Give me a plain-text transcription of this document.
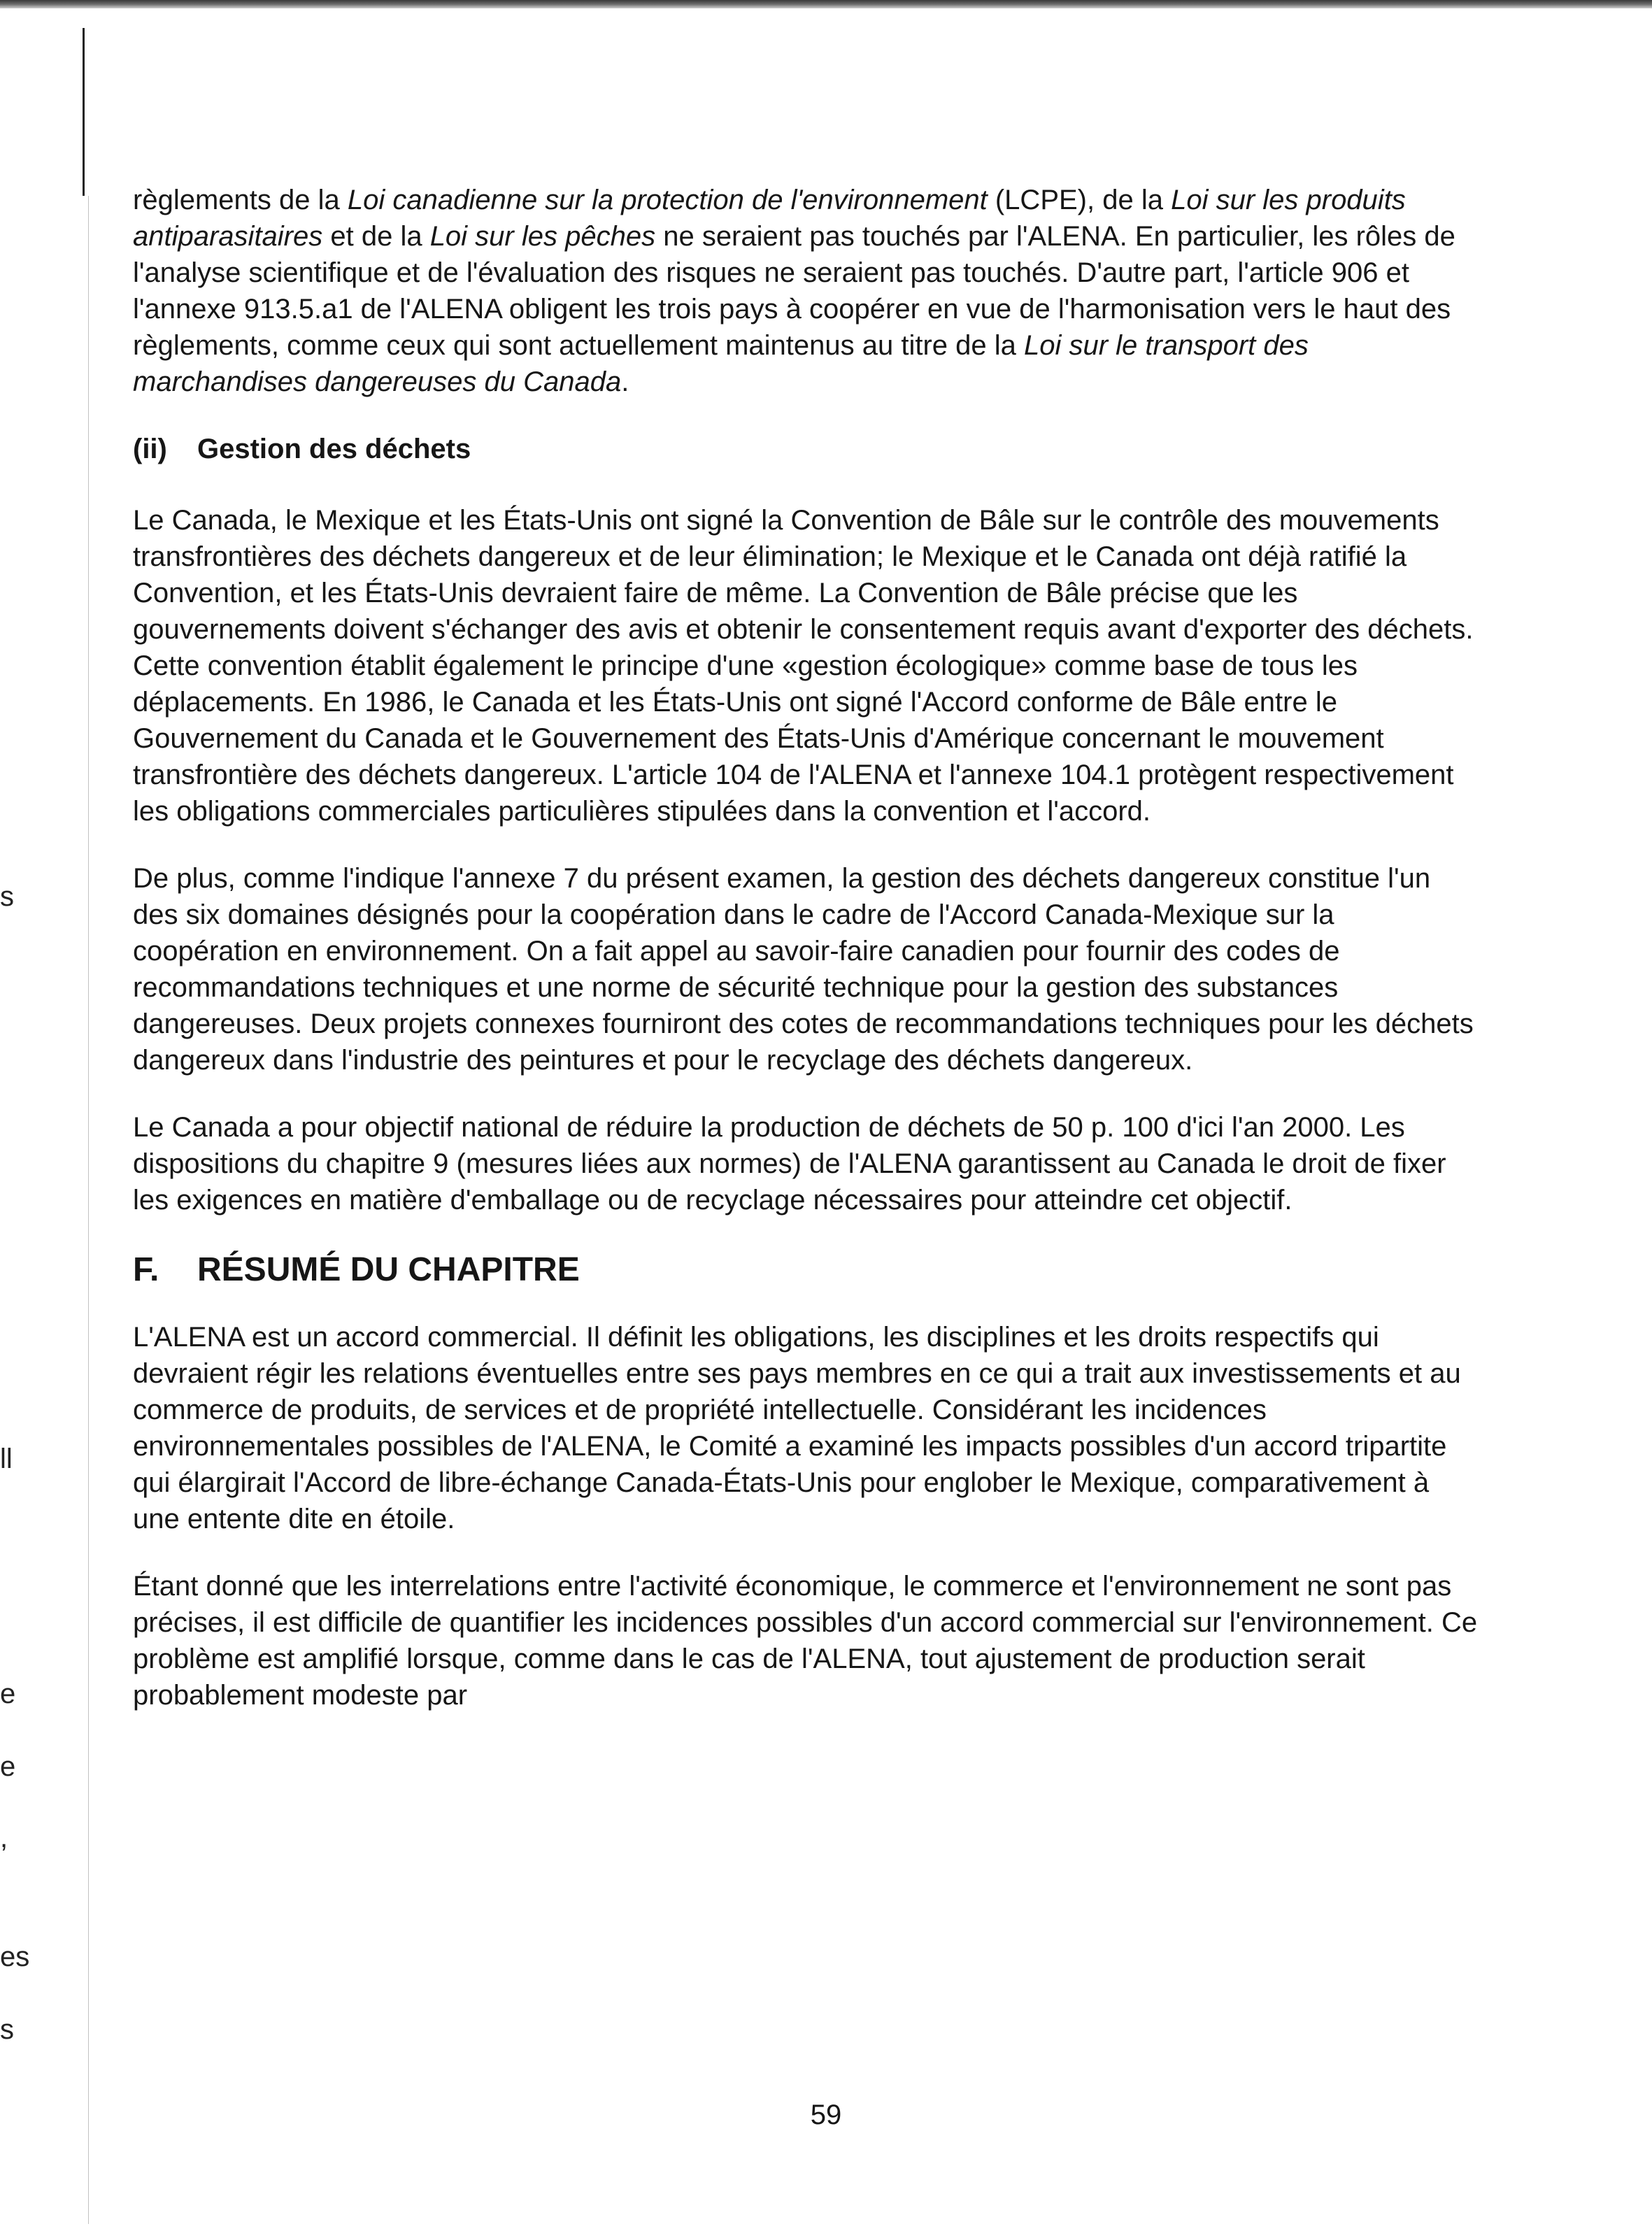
s
ll
e
e
,
es
s

règlements de la Loi canadienne sur la protection de l'environnement (LCPE), de la Loi sur les produits antiparasitaires et de la Loi sur les pêches ne seraient pas touchés par l'ALENA. En particulier, les rôles de l'analyse scientifique et de l'évaluation des risques ne seraient pas touchés. D'autre part, l'article 906 et l'annexe 913.5.a1 de l'ALENA obligent les trois pays à coopérer en vue de l'harmonisation vers le haut des règlements, comme ceux qui sont actuellement maintenus au titre de la Loi sur le transport des marchandises dangereuses du Canada.

(ii) Gestion des déchets

Le Canada, le Mexique et les États-Unis ont signé la Convention de Bâle sur le contrôle des mouvements transfrontières des déchets dangereux et de leur élimination; le Mexique et le Canada ont déjà ratifié la Convention, et les États-Unis devraient faire de même. La Convention de Bâle précise que les gouvernements doivent s'échanger des avis et obtenir le consentement requis avant d'exporter des déchets. Cette convention établit également le principe d'une «gestion écologique» comme base de tous les déplacements. En 1986, le Canada et les États-Unis ont signé l'Accord conforme de Bâle entre le Gouvernement du Canada et le Gouvernement des États-Unis d'Amérique concernant le mouvement transfrontière des déchets dangereux. L'article 104 de l'ALENA et l'annexe 104.1 protègent respectivement les obligations commerciales particulières stipulées dans la convention et l'accord.

De plus, comme l'indique l'annexe 7 du présent examen, la gestion des déchets dangereux constitue l'un des six domaines désignés pour la coopération dans le cadre de l'Accord Canada-Mexique sur la coopération en environnement. On a fait appel au savoir-faire canadien pour fournir des codes de recommandations techniques et une norme de sécurité technique pour la gestion des substances dangereuses. Deux projets connexes fourniront des cotes de recommandations techniques pour les déchets dangereux dans l'industrie des peintures et pour le recyclage des déchets dangereux.

Le Canada a pour objectif national de réduire la production de déchets de 50 p. 100 d'ici l'an 2000. Les dispositions du chapitre 9 (mesures liées aux normes) de l'ALENA garantissent au Canada le droit de fixer les exigences en matière d'emballage ou de recyclage nécessaires pour atteindre cet objectif.

F. RÉSUMÉ DU CHAPITRE

L'ALENA est un accord commercial. Il définit les obligations, les disciplines et les droits respectifs qui devraient régir les relations éventuelles entre ses pays membres en ce qui a trait aux investissements et au commerce de produits, de services et de propriété intellectuelle. Considérant les incidences environnementales possibles de l'ALENA, le Comité a examiné les impacts possibles d'un accord tripartite qui élargirait l'Accord de libre-échange Canada-États-Unis pour englober le Mexique, comparativement à une entente dite en étoile.

Étant donné que les interrelations entre l'activité économique, le commerce et l'environnement ne sont pas précises, il est difficile de quantifier les incidences possibles d'un accord commercial sur l'environnement. Ce problème est amplifié lorsque, comme dans le cas de l'ALENA, tout ajustement de production serait probablement modeste par

59
